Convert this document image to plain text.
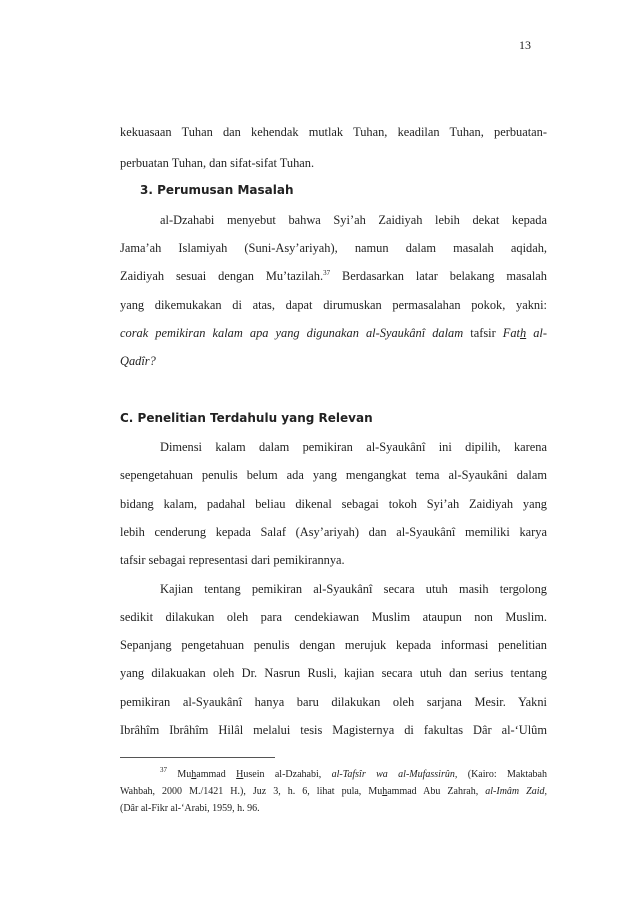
13
kekuasaan Tuhan dan kehendak mutlak Tuhan, keadilan Tuhan, perbuatan-
perbuatan Tuhan, dan sifat-sifat Tuhan.
3. Perumusan Masalah
al-Dzahabi menyebut bahwa Syi’ah Zaidiyah lebih dekat kepada
Jama’ah Islamiyah (Suni-Asy’ariyah), namun dalam masalah aqidah,
Zaidiyah sesuai dengan Mu’tazilah.$^{37}$ Berdasarkan latar belakang masalah
yang dikemukakan di atas, dapat dirumuskan permasalahan pokok, yakni:
corak pemikiran kalam apa yang digunakan al-Syaukânî dalam tafsir Fath al-
Qadîr?
C. Penelitian Terdahulu yang Relevan
Dimensi kalam dalam pemikiran al-Syaukânî ini dipilih, karena
sepengetahuan penulis belum ada yang mengangkat tema al-Syaukâni dalam
bidang kalam, padahal beliau dikenal sebagai tokoh Syi’ah Zaidiyah yang
lebih cenderung kepada Salaf (Asy’ariyah) dan al-Syaukânî memiliki karya
tafsir sebagai representasi dari pemikirannya.
Kajian tentang pemikiran al-Syaukânî secara utuh masih tergolong
sedikit dilakukan oleh para cendekiawan Muslim ataupun non Muslim.
Sepanjang pengetahuan penulis dengan merujuk kepada informasi penelitian
yang dilakuakan oleh Dr. Nasrun Rusli, kajian secara utuh dan serius tentang
pemikiran al-Syaukânî hanya baru dilakukan oleh sarjana Mesir. Yakni
Ibrâhîm Ibrâhîm Hilâl melalui tesis Magisternya di fakultas Dâr al-‘Ulûm
$^{37}$ Muhammad Husein al-Dzahabi, al-Tafsîr wa al-Mufassirûn, (Kairo: Maktabah
Wahbah, 2000 M./1421 H.), Juz 3, h. 6, lihat pula, Muhammad Abu Zahrah, al-Imâm Zaid,
(Dâr al-Fikr al-‘Arabi, 1959, h. 96.
